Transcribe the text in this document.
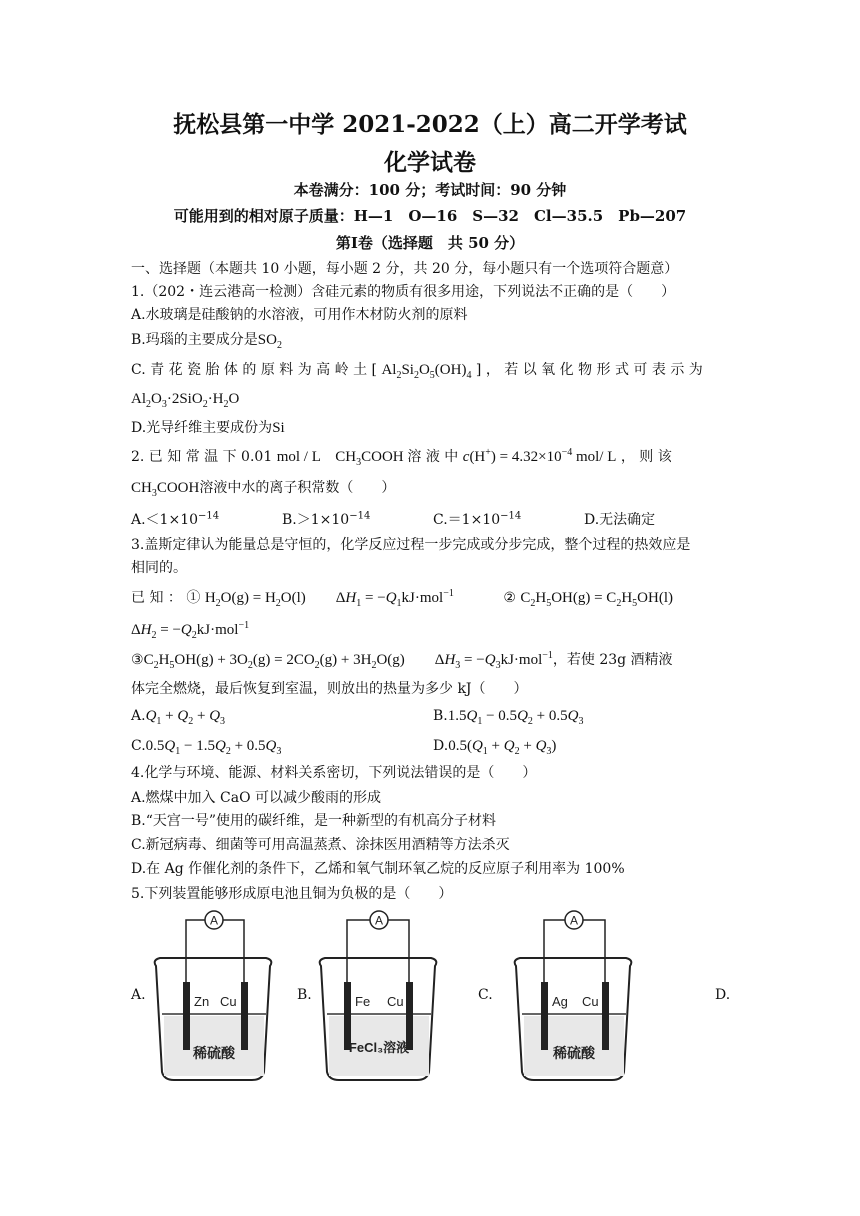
抚松县第一中学 2021-2022（上）高二开学考试
化学试卷
本卷满分：100 分；考试时间：90 分钟
可能用到的相对原子质量：H—1　O—16　S—32　Cl—35.5　Pb—207
第Ⅰ卷（选择题　共 50 分）
一、选择题（本题共 10 小题，每小题 2 分，共 20 分，每小题只有一个选项符合题意）
1.（202・连云港高一检测）含硅元素的物质有很多用途，下列说法不正确的是（　　）
A.水玻璃是硅酸钠的水溶液，可用作木材防火剂的原料
B.玛瑙的主要成分是$SO_2$
C. 青 花 瓷 胎 体 的 原 料 为 高 岭 土 [ $Al_2Si_2O_5(OH)_4$ ] ， 若 以 氧 化 物 形 式 可 表 示 为
$Al_2O_3\cdot 2SiO_2\cdot H_2O$
D.光导纤维主要成份为Si
2. 已 知 常 温 下 0.01 mol / L　$CH_3COOH$ 溶 液 中 $c(H^+) = 4.32\times 10^{-4}$ mol/ L ， 则 该
$CH_3COOH$溶液中水的离子积常数（　　）
$A.<1\times 10^{-14}$	$B.>1\times 10^{-14}$	$C.=1\times 10^{-14}$	D.无法确定
3.盖斯定律认为能量总是守恒的，化学反应过程一步完成或分步完成，整个过程的热效应是
相同的。
已 知 ： ① $H_2O(g) = H_2O(l)$　　$\Delta H_1 = -Q_1kJ\cdot mol^{-1}$　　　	② $C_2H_5OH(g) = C_2H_5OH(l)$
$\Delta H_2 = -Q_2kJ\cdot mol^{-1}$
$③C_2H_5OH(g) + 3O_2(g) = 2CO_2(g) + 3H_2O(g)$　　$\Delta H_3 = -Q_3kJ\cdot mol^{-1}$，若使 23g 酒精液
体完全燃烧，最后恢复到室温，则放出的热量为多少 kJ（　　）
$A.Q_1 + Q_2 + Q_3$	$B.1.5Q_1 - 0.5Q_2 + 0.5Q_3$
$C.0.5Q_1 - 1.5Q_2 + 0.5Q_3$	$D.0.5(Q_1 + Q_2 + Q_3)$
4.化学与环境、能源、材料关系密切，下列说法错误的是（　　）
A.燃煤中加入 CaO 可以减少酸雨的形成
B.“天宫一号”使用的碳纤维，是一种新型的有机高分子材料
C.新冠病毒、细菌等可用高温蒸煮、涂抹医用酒精等方法杀灭
D.在 Ag 作催化剂的条件下，乙烯和氧气制环氧乙烷的反应原子利用率为 100%
5.下列装置能够形成原电池且铜为负极的是（　　）
A.	B.	C.	D.
A
Zn Cu
稀硫酸
A
Fe Cu
FeCl₃溶液
A
Ag Cu
稀硫酸
